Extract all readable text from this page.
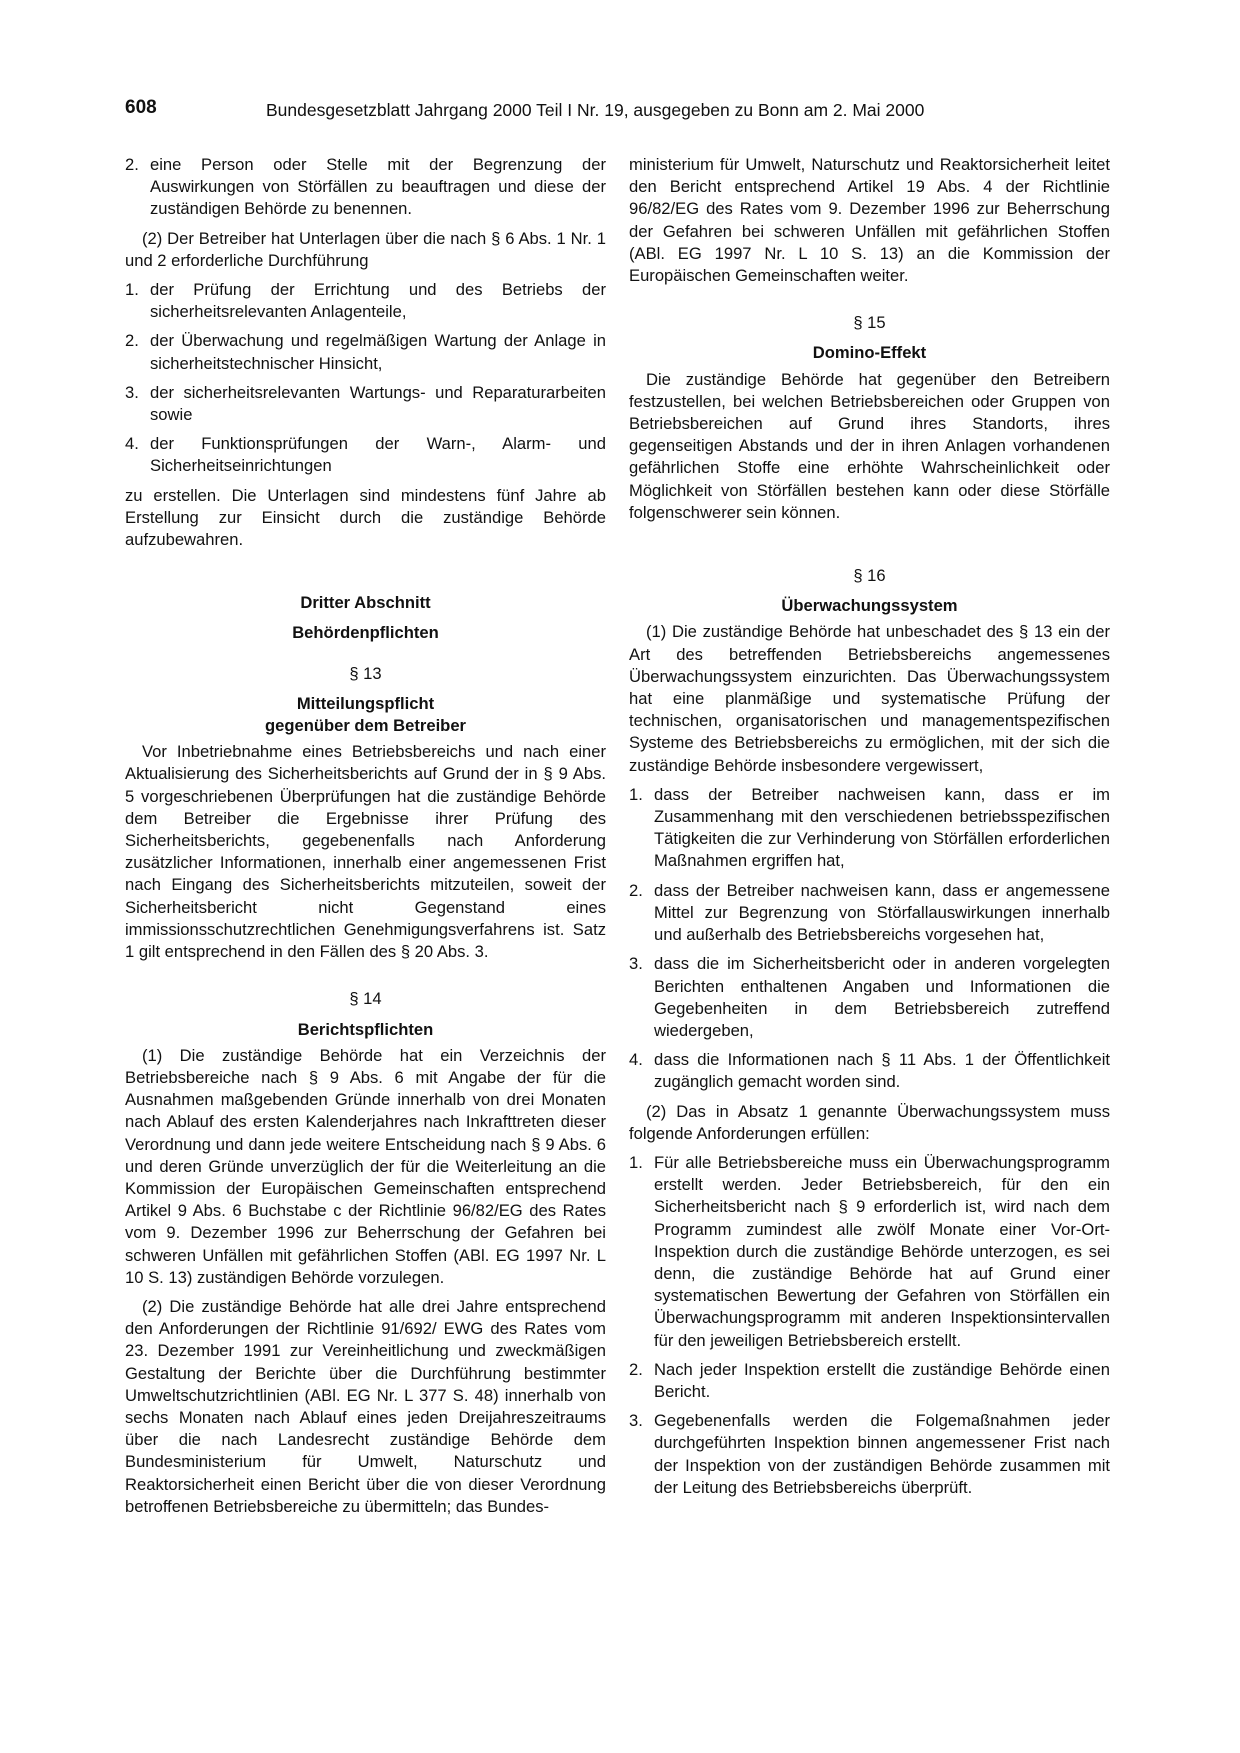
608	Bundesgesetzblatt Jahrgang 2000 Teil I Nr. 19, ausgegeben zu Bonn am 2. Mai 2000
2. eine Person oder Stelle mit der Begrenzung der Auswirkungen von Störfällen zu beauftragen und diese der zuständigen Behörde zu benennen.

(2) Der Betreiber hat Unterlagen über die nach § 6 Abs. 1 Nr. 1 und 2 erforderliche Durchführung

1. der Prüfung der Errichtung und des Betriebs der sicherheitsrelevanten Anlagenteile,
2. der Überwachung und regelmäßigen Wartung der Anlage in sicherheitstechnischer Hinsicht,
3. der sicherheitsrelevanten Wartungs- und Reparaturarbeiten sowie
4. der Funktionsprüfungen der Warn-, Alarm- und Sicherheitseinrichtungen

zu erstellen. Die Unterlagen sind mindestens fünf Jahre ab Erstellung zur Einsicht durch die zuständige Behörde aufzubewahren.

Dritter Abschnitt

Behördenpflichten

§ 13

Mitteilungspflicht

gegenüber dem Betreiber

Vor Inbetriebnahme eines Betriebsbereichs und nach einer Aktualisierung des Sicherheitsberichts auf Grund der in § 9 Abs. 5 vorgeschriebenen Überprüfungen hat die zuständige Behörde dem Betreiber die Ergebnisse ihrer Prüfung des Sicherheitsberichts, gegebenenfalls nach Anforderung zusätzlicher Informationen, innerhalb einer angemessenen Frist nach Eingang des Sicherheitsberichts mitzuteilen, soweit der Sicherheitsbericht nicht Gegenstand eines immissionsschutzrechtlichen Genehmigungsverfahrens ist. Satz 1 gilt entsprechend in den Fällen des § 20 Abs. 3.

§ 14

Berichtspflichten

(1) Die zuständige Behörde hat ein Verzeichnis der Betriebsbereiche nach § 9 Abs. 6 mit Angabe der für die Ausnahmen maßgebenden Gründe innerhalb von drei Monaten nach Ablauf des ersten Kalenderjahres nach Inkrafttreten dieser Verordnung und dann jede weitere Entscheidung nach § 9 Abs. 6 und deren Gründe unverzüglich der für die Weiterleitung an die Kommission der Europäischen Gemeinschaften entsprechend Artikel 9 Abs. 6 Buchstabe c der Richtlinie 96/82/EG des Rates vom 9. Dezember 1996 zur Beherrschung der Gefahren bei schweren Unfällen mit gefährlichen Stoffen (ABl. EG 1997 Nr. L 10 S. 13) zuständigen Behörde vorzulegen.

(2) Die zuständige Behörde hat alle drei Jahre entsprechend den Anforderungen der Richtlinie 91/692/ EWG des Rates vom 23. Dezember 1991 zur Vereinheitlichung und zweckmäßigen Gestaltung der Berichte über die Durchführung bestimmter Umweltschutzrichtlinien (ABl. EG Nr. L 377 S. 48) innerhalb von sechs Monaten nach Ablauf eines jeden Dreijahreszeitraums über die nach Landesrecht zuständige Behörde dem Bundesministerium für Umwelt, Naturschutz und Reaktorsicherheit einen Bericht über die von dieser Verordnung betroffenen Betriebsbereiche zu übermitteln; das Bundes-

ministerium für Umwelt, Naturschutz und Reaktorsicherheit leitet den Bericht entsprechend Artikel 19 Abs. 4 der Richtlinie 96/82/EG des Rates vom 9. Dezember 1996 zur Beherrschung der Gefahren bei schweren Unfällen mit gefährlichen Stoffen (ABl. EG 1997 Nr. L 10 S. 13) an die Kommission der Europäischen Gemeinschaften weiter.

§ 15

Domino-Effekt

Die zuständige Behörde hat gegenüber den Betreibern festzustellen, bei welchen Betriebsbereichen oder Gruppen von Betriebsbereichen auf Grund ihres Standorts, ihres gegenseitigen Abstands und der in ihren Anlagen vorhandenen gefährlichen Stoffe eine erhöhte Wahrscheinlichkeit oder Möglichkeit von Störfällen bestehen kann oder diese Störfälle folgenschwerer sein können.

§ 16

Überwachungssystem

(1) Die zuständige Behörde hat unbeschadet des § 13 ein der Art des betreffenden Betriebsbereichs angemessenes Überwachungssystem einzurichten. Das Überwachungssystem hat eine planmäßige und systematische Prüfung der technischen, organisatorischen und managementspezifischen Systeme des Betriebsbereichs zu ermöglichen, mit der sich die zuständige Behörde insbesondere vergewissert,

1. dass der Betreiber nachweisen kann, dass er im Zusammenhang mit den verschiedenen betriebsspezifischen Tätigkeiten die zur Verhinderung von Störfällen erforderlichen Maßnahmen ergriffen hat,
2. dass der Betreiber nachweisen kann, dass er angemessene Mittel zur Begrenzung von Störfallauswirkungen innerhalb und außerhalb des Betriebsbereichs vorgesehen hat,
3. dass die im Sicherheitsbericht oder in anderen vorgelegten Berichten enthaltenen Angaben und Informationen die Gegebenheiten in dem Betriebsbereich zutreffend wiedergeben,
4. dass die Informationen nach § 11 Abs. 1 der Öffentlichkeit zugänglich gemacht worden sind.

(2) Das in Absatz 1 genannte Überwachungssystem muss folgende Anforderungen erfüllen:

1. Für alle Betriebsbereiche muss ein Überwachungsprogramm erstellt werden. Jeder Betriebsbereich, für den ein Sicherheitsbericht nach § 9 erforderlich ist, wird nach dem Programm zumindest alle zwölf Monate einer Vor-Ort-Inspektion durch die zuständige Behörde unterzogen, es sei denn, die zuständige Behörde hat auf Grund einer systematischen Bewertung der Gefahren von Störfällen ein Überwachungsprogramm mit anderen Inspektionsintervallen für den jeweiligen Betriebsbereich erstellt.
2. Nach jeder Inspektion erstellt die zuständige Behörde einen Bericht.
3. Gegebenenfalls werden die Folgemaßnahmen jeder durchgeführten Inspektion binnen angemessener Frist nach der Inspektion von der zuständigen Behörde zusammen mit der Leitung des Betriebsbereichs überprüft.
